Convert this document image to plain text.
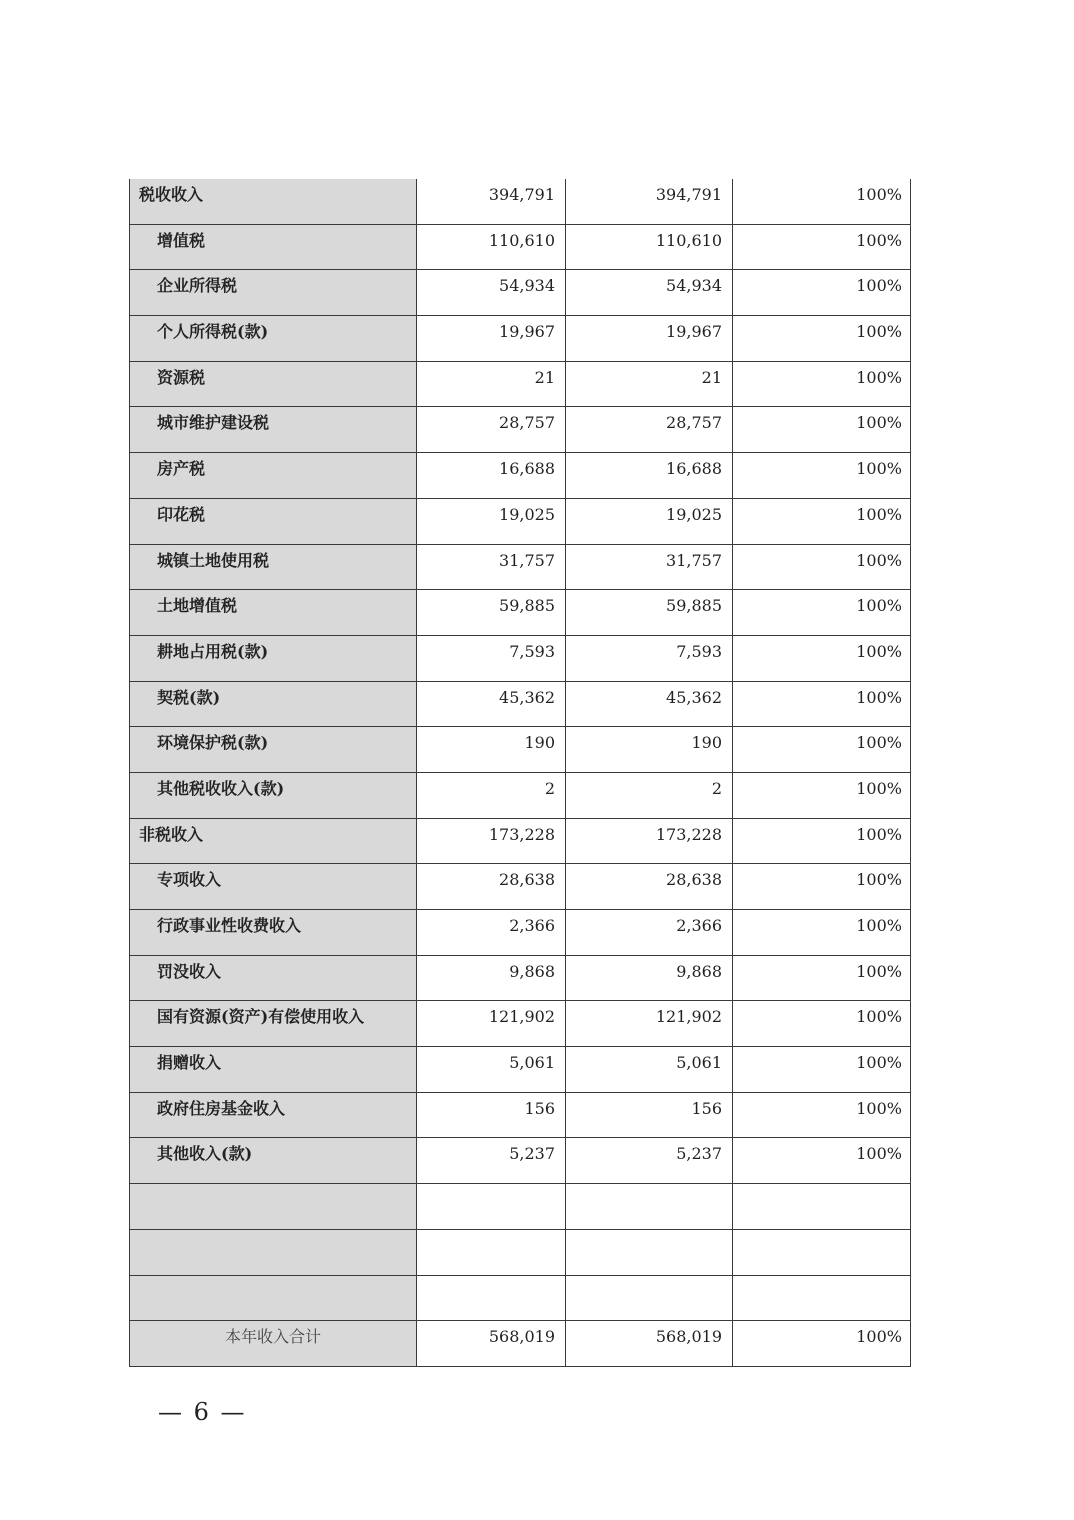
税收收入	394,791	394,791	100%

增值税	110,610	110,610	100%

企业所得税	54,934	54,934	100%

个人所得税(款)	19,967	19,967	100%

资源税	21	21	100%

城市维护建设税	28,757	28,757	100%

房产税	16,688	16,688	100%

印花税	19,025	19,025	100%

城镇土地使用税	31,757	31,757	100%

土地增值税	59,885	59,885	100%

耕地占用税(款)	7,593	7,593	100%

契税(款)	45,362	45,362	100%

环境保护税(款)	190	190	100%

其他税收收入(款)	2	2	100%

非税收入	173,228	173,228	100%

专项收入	28,638	28,638	100%

行政事业性收费收入	2,366	2,366	100%

罚没收入	9,868	9,868	100%

国有资源(资产)有偿使用收入	121,902	121,902	100%

捐赠收入	5,061	5,061	100%

政府住房基金收入	156	156	100%

其他收入(款)	5,237	5,237	100%

本年收入合计	568,019	568,019	100%
— 6 —
